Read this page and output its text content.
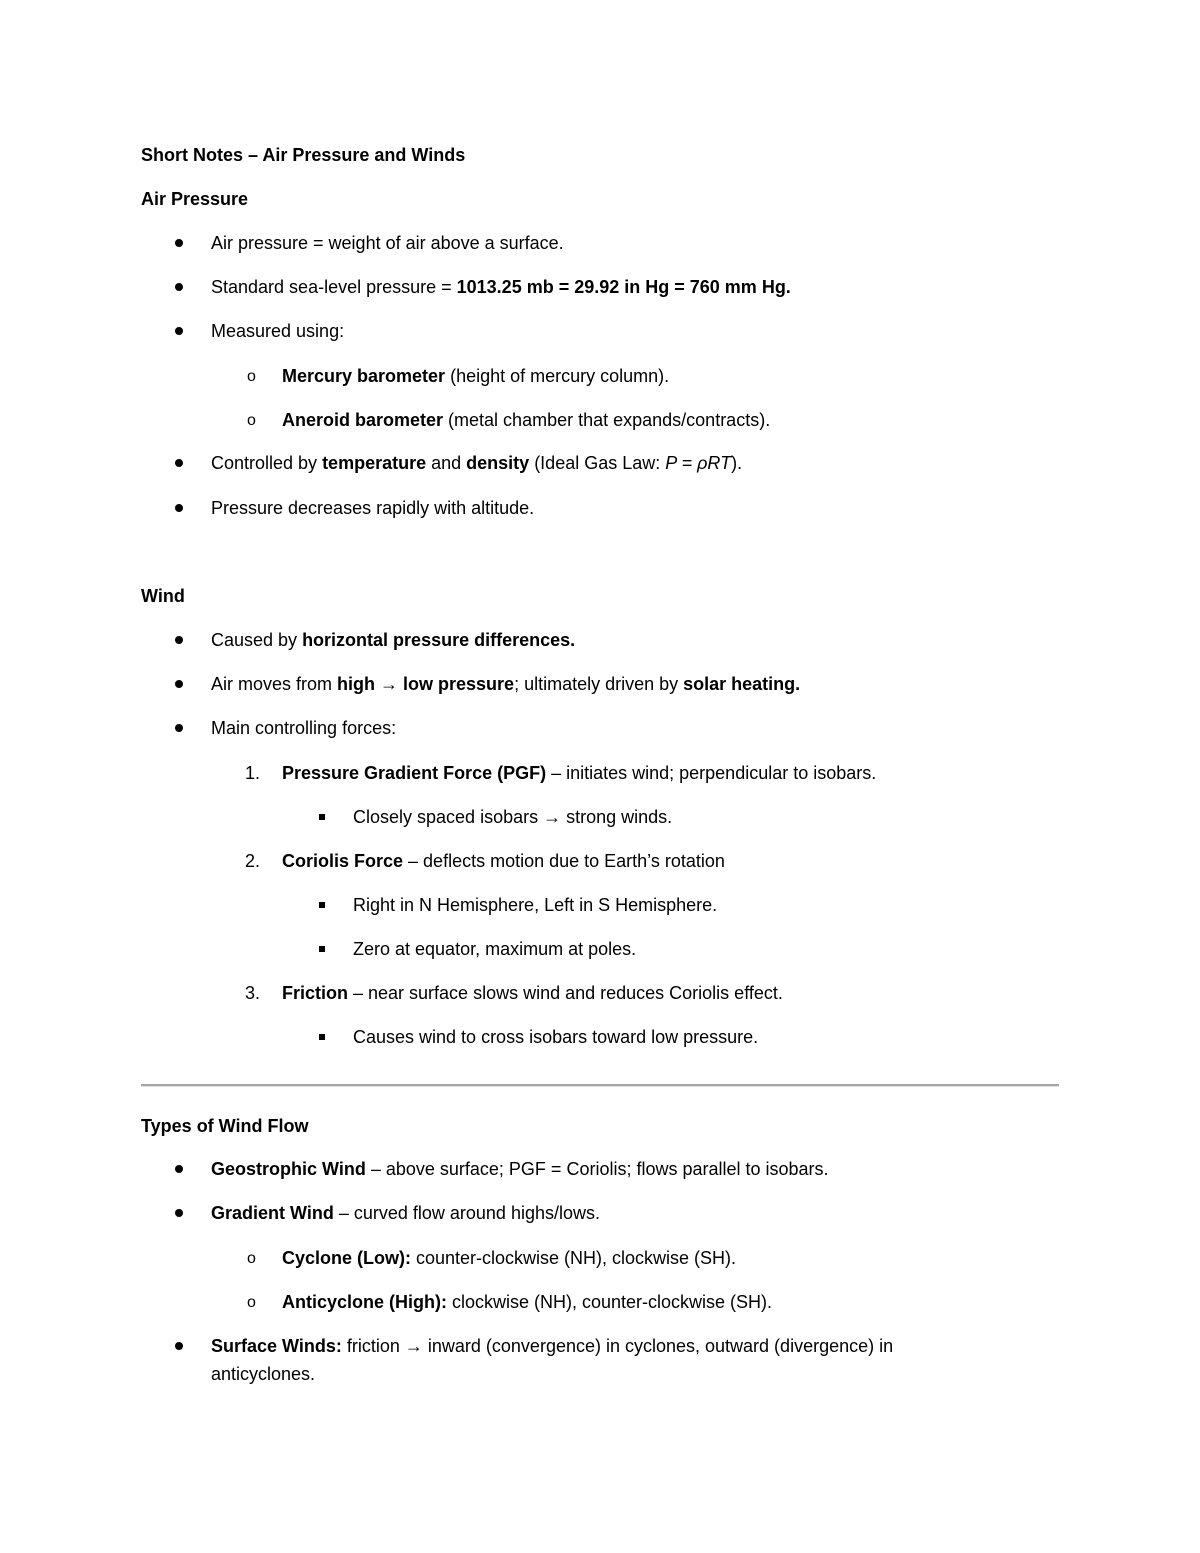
Short Notes – Air Pressure and Winds
Air Pressure
Air pressure = weight of air above a surface.
Standard sea-level pressure = 1013.25 mb = 29.92 in Hg = 760 mm Hg.
Measured using:
o Mercury barometer (height of mercury column).
o Aneroid barometer (metal chamber that expands/contracts).
Controlled by temperature and density (Ideal Gas Law: P = ρRT).
Pressure decreases rapidly with altitude.
Wind
Caused by horizontal pressure differences.
Air moves from high → low pressure; ultimately driven by solar heating.
Main controlling forces:
1. Pressure Gradient Force (PGF) – initiates wind; perpendicular to isobars.
Closely spaced isobars → strong winds.
2. Coriolis Force – deflects motion due to Earth’s rotation
Right in N Hemisphere, Left in S Hemisphere.
Zero at equator, maximum at poles.
3. Friction – near surface slows wind and reduces Coriolis effect.
Causes wind to cross isobars toward low pressure.
Types of Wind Flow
Geostrophic Wind – above surface; PGF = Coriolis; flows parallel to isobars.
Gradient Wind – curved flow around highs/lows.
o Cyclone (Low): counter-clockwise (NH), clockwise (SH).
o Anticyclone (High): clockwise (NH), counter-clockwise (SH).
Surface Winds: friction → inward (convergence) in cyclones, outward (divergence) in anticyclones.
